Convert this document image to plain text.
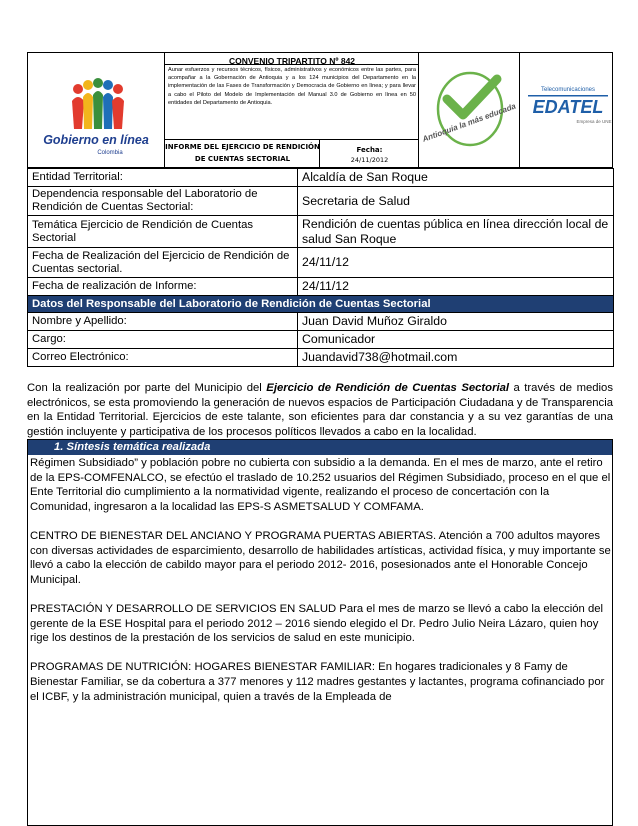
Gobierno en línea
Colombia
CONVENIO TRIPARTITO Nº 842
Aunar esfuerzos y recursos técnicos, físicos, administrativos y económicos entre las partes, para acompañar a la Gobernación de Antioquia y a los 124 municipios del Departamento en la implementación de las Fases de Transformación y Democracia de Gobierno en línea; y para llevar a cabo el Piloto del Modelo de Implementación del Manual 3.0 de Gobierno en línea en 50 entidades del Departamento de Antioquia.
INFORME DEL EJERCICIO DE RENDICIÓN DE CUENTAS SECTORIAL
Fecha:
24/11/2012
Antioquia la más educada
Telecomunicaciones
EDATEL
Empresa de UNE
Entidad Territorial:	Alcaldía de San Roque
Dependencia responsable del Laboratorio de Rendición de Cuentas Sectorial:	Secretaria de Salud
Temática Ejercicio de Rendición de Cuentas Sectorial	Rendición de cuentas pública en línea dirección local de salud San Roque
Fecha de Realización del Ejercicio de Rendición de Cuentas sectorial.	24/11/12
Fecha de realización de Informe:	24/11/12
Datos del Responsable del Laboratorio de Rendición de Cuentas Sectorial	
Nombre y Apellido:	Juan David Muñoz Giraldo
Cargo:	Comunicador
Correo Electrónico:	Juandavid738@hotmail.com
Con la realización por parte del Municipio del Ejercicio de Rendición de Cuentas Sectorial a través de medios electrónicos, se esta promoviendo la generación de nuevos espacios de Participación Ciudadana y de Transparencia en la Entidad Territorial. Ejercicios de este talante, son eficientes para dar constancia y a su vez garantías de una gestión incluyente y participativa de los procesos políticos llevados a cabo en la localidad.
1. Síntesis temática realizada

Régimen Subsidiado” y población pobre no cubierta con subsidio a la demanda. En el mes de marzo, ante el retiro de la EPS-COMFENALCO, se efectúo el traslado de 10.252 usuarios del Régimen Subsidiado, proceso en el que el Ente Territorial dio cumplimiento a la normatividad vigente, realizando el proceso de concertación con la Comunidad, ingresaron a la localidad las EPS-S ASMETSALUD Y COMFAMA.

CENTRO DE BIENESTAR DEL ANCIANO Y PROGRAMA PUERTAS ABIERTAS. Atención a 700 adultos mayores con diversas actividades de esparcimiento, desarrollo de habilidades artísticas, actividad física, y muy importante se llevó a cabo la elección de cabildo mayor para el periodo 2012- 2016, posesionados ante el Honorable Concejo Municipal.

PRESTACIÓN Y DESARROLLO DE SERVICIOS EN SALUD Para el mes de marzo se llevó a cabo la elección del gerente de la ESE Hospital para el periodo 2012 – 2016 siendo elegido el Dr. Pedro Julio Neira Lázaro, quien hoy rige los destinos de la prestación de los servicios de salud en este municipio.

PROGRAMAS DE NUTRICIÓN: HOGARES BIENESTAR FAMILIAR: En hogares tradicionales y 8 Famy de Bienestar Familiar, se da cobertura a 377 menores y 112 madres gestantes y lactantes, programa cofinanciado por el ICBF, y la administración municipal, quien a través de la Empleada de
